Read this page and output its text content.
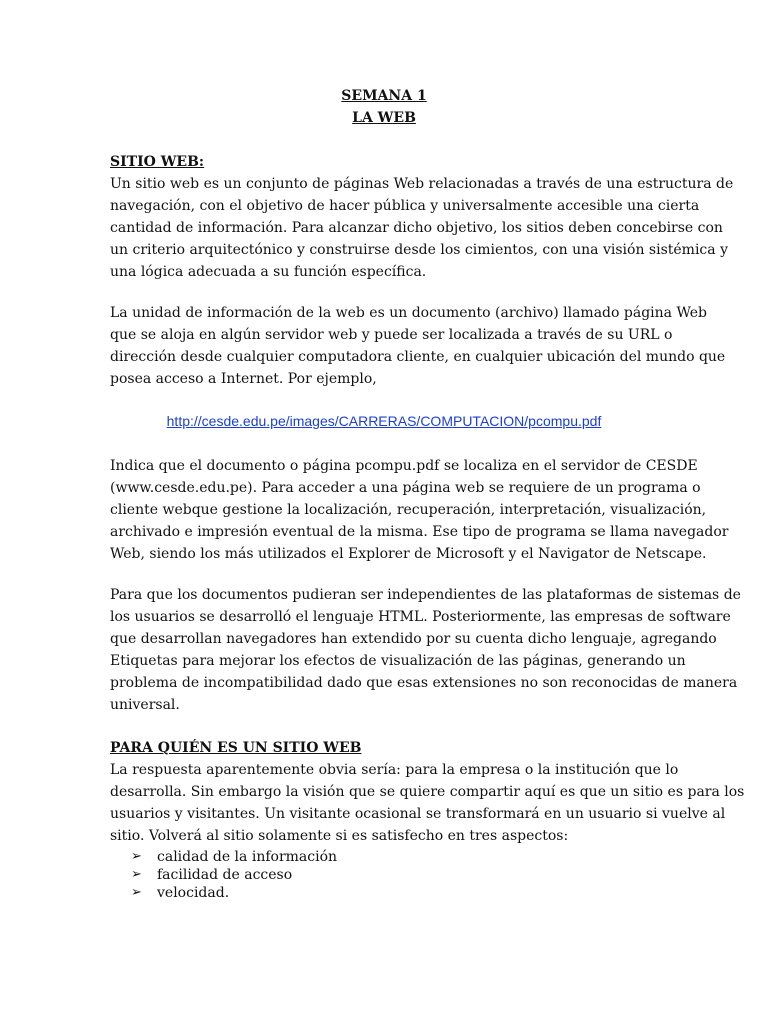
SEMANA 1
LA WEB
SITIO WEB:
Un sitio web es un conjunto de páginas Web relacionadas a través de una estructura de
navegación, con el objetivo de hacer pública y universalmente accesible una cierta
cantidad de información. Para alcanzar dicho objetivo, los sitios deben concebirse con
un criterio arquitectónico y construirse desde los cimientos, con una visión sistémica y
una lógica adecuada a su función específica.
La unidad de información de la web es un documento (archivo) llamado página Web
que se aloja en algún servidor web y puede ser localizada a través de su URL o
dirección desde cualquier computadora cliente, en cualquier ubicación del mundo que
posea acceso a Internet. Por ejemplo,
http://cesde.edu.pe/images/CARRERAS/COMPUTACION/pcompu.pdf
Indica que el documento o página pcompu.pdf se localiza en el servidor de CESDE
(www.cesde.edu.pe). Para acceder a una página web se requiere de un programa o
cliente webque gestione la localización, recuperación, interpretación, visualización,
archivado e impresión eventual de la misma. Ese tipo de programa se llama navegador
Web, siendo los más utilizados el Explorer de Microsoft y el Navigator de Netscape.
Para que los documentos pudieran ser independientes de las plataformas de sistemas de
los usuarios se desarrolló el lenguaje HTML. Posteriormente, las empresas de software
que desarrollan navegadores han extendido por su cuenta dicho lenguaje, agregando
Etiquetas para mejorar los efectos de visualización de las páginas, generando un
problema de incompatibilidad dado que esas extensiones no son reconocidas de manera
universal.
PARA QUIÉN ES UN SITIO WEB
La respuesta aparentemente obvia sería: para la empresa o la institución que lo
desarrolla. Sin embargo la visión que se quiere compartir aquí es que un sitio es para los
usuarios y visitantes. Un visitante ocasional se transformará en un usuario si vuelve al
sitio. Volverá al sitio solamente si es satisfecho en tres aspectos:
➢ calidad de la información
➢ facilidad de acceso
➢ velocidad.
